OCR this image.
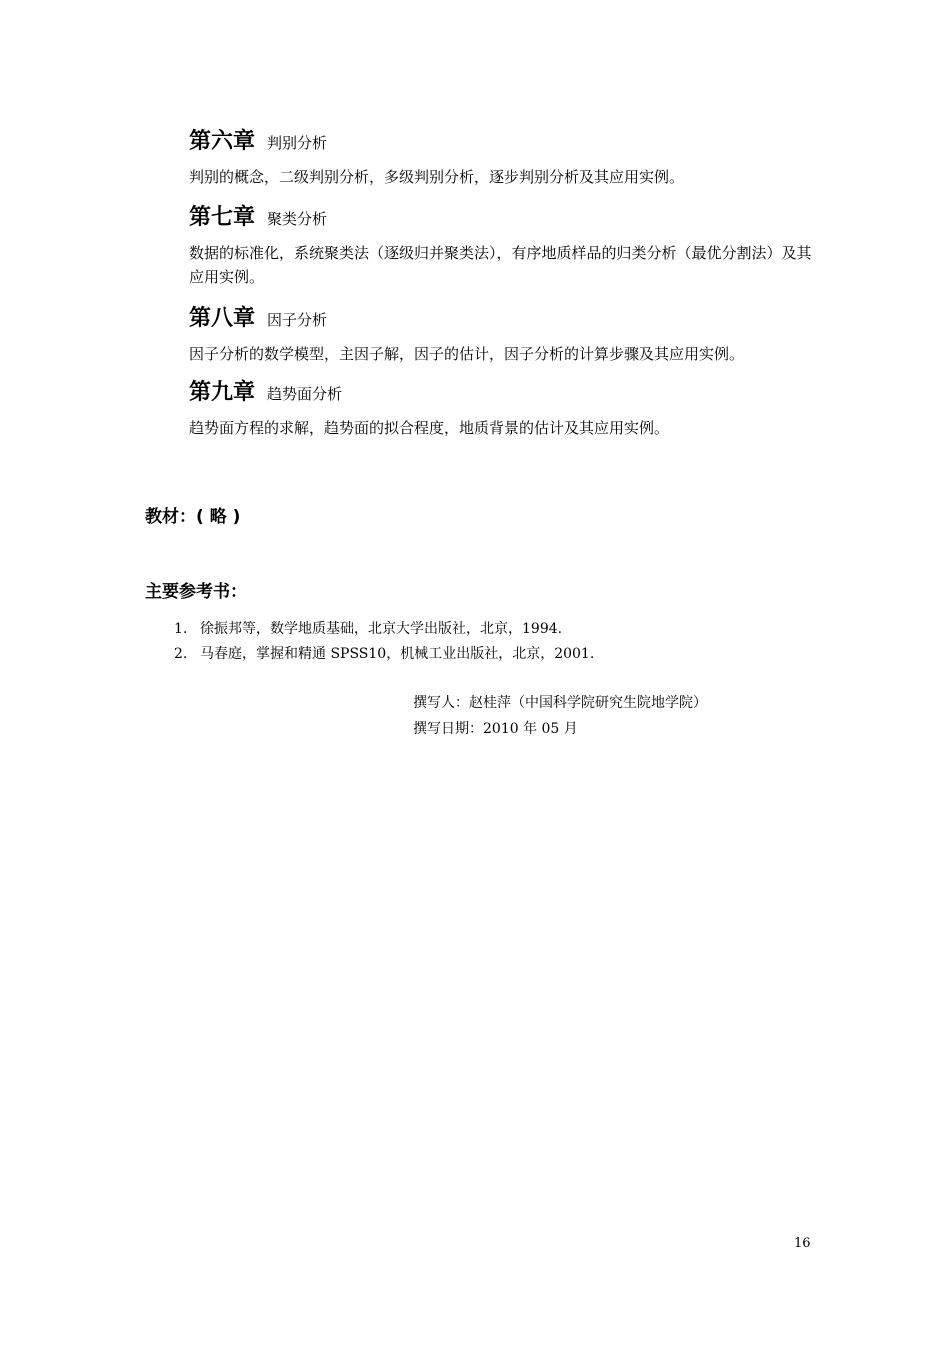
第六章 判别分析
判别的概念，二级判别分析，多级判别分析，逐步判别分析及其应用实例。
第七章 聚类分析
数据的标准化，系统聚类法（逐级归并聚类法），有序地质样品的归类分析（最优分割法）及其应用实例。
第八章 因子分析
因子分析的数学模型，主因子解，因子的估计，因子分析的计算步骤及其应用实例。
第九章 趋势面分析
趋势面方程的求解，趋势面的拟合程度，地质背景的估计及其应用实例。
教材：( 略 )
主要参考书：
1. 徐振邦等，数学地质基础，北京大学出版社，北京，1994.
2. 马春庭，掌握和精通 SPSS10，机械工业出版社，北京，2001.
撰写人：赵桂萍（中国科学院研究生院地学院）
撰写日期：2010 年 05 月
16
